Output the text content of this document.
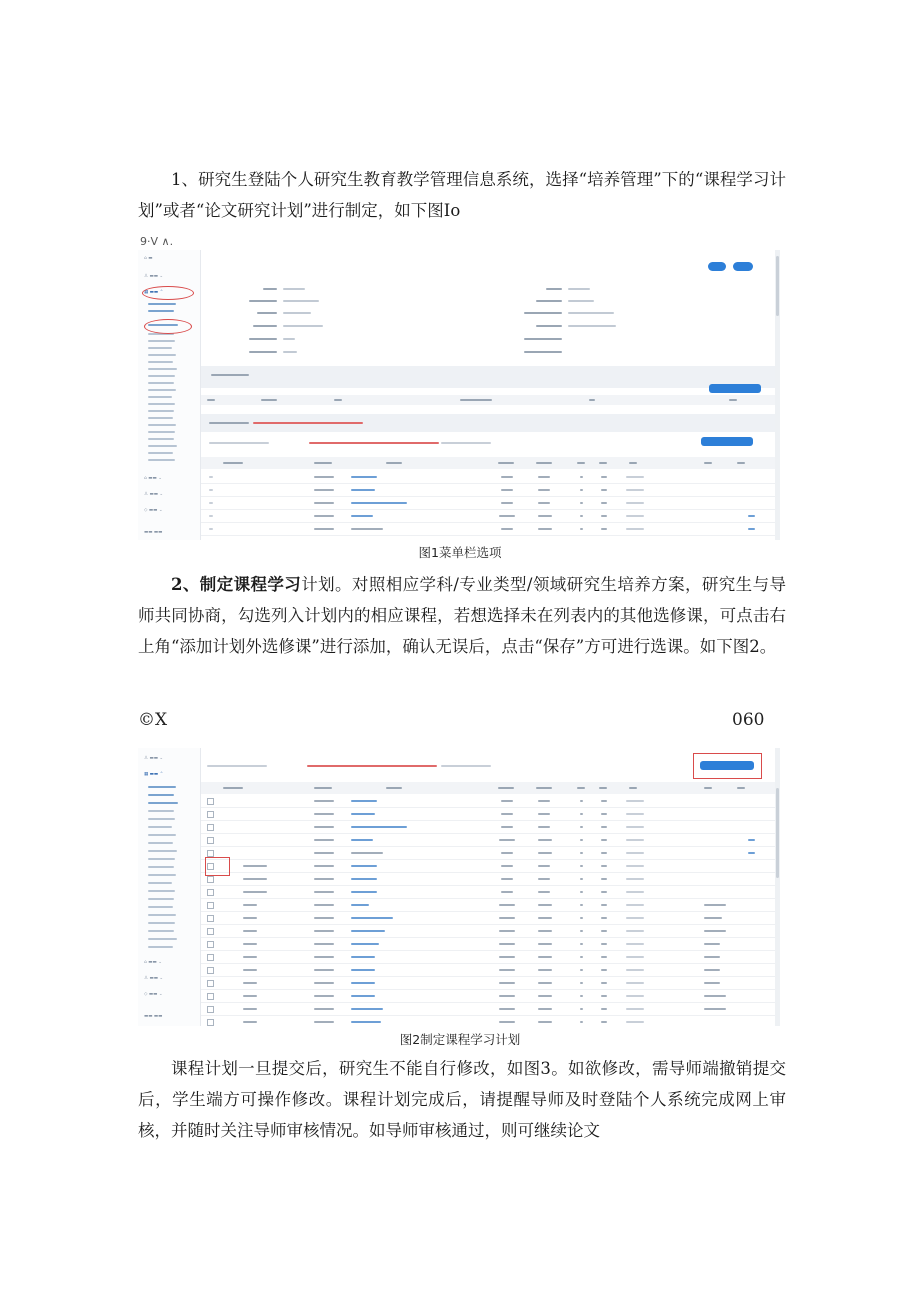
1、研究生登陆个人研究生教育教学管理信息系统，选择“培养管理”下的“课程学习计划”或者“论文研究计划”进行制定，如下图Io

9·V ∧.
⌂ ▬
♙ ▬▬ ⌄
▦ ▬▬ ⌃
⌂ ▬▬ ⌄
♙ ▬▬ ⌄
◇ ▬▬ ⌄
▬▬ ▬▬
图1菜单栏选项

2、制定课程学习计划。对照相应学科/专业类型/领域研究生培养方案，研究生与导师共同协商，勾选列入计划内的相应课程，若想选择未在列表内的其他选修课，可点击右上角“添加计划外选修课”进行添加，确认无误后，点击“保存”方可进行选课。如下图2。

©X	060
♙ ▬▬ ⌄
▦ ▬▬ ⌃
⌂ ▬▬ ⌄
♙ ▬▬ ⌄
◇ ▬▬ ⌄
▬▬ ▬▬
图2制定课程学习计划

课程计划一旦提交后，研究生不能自行修改，如图3。如欲修改，需导师端撤销提交后，学生端方可操作修改。课程计划完成后，请提醒导师及时登陆个人系统完成网上审核，并随时关注导师审核情况。如导师审核通过，则可继续论文
